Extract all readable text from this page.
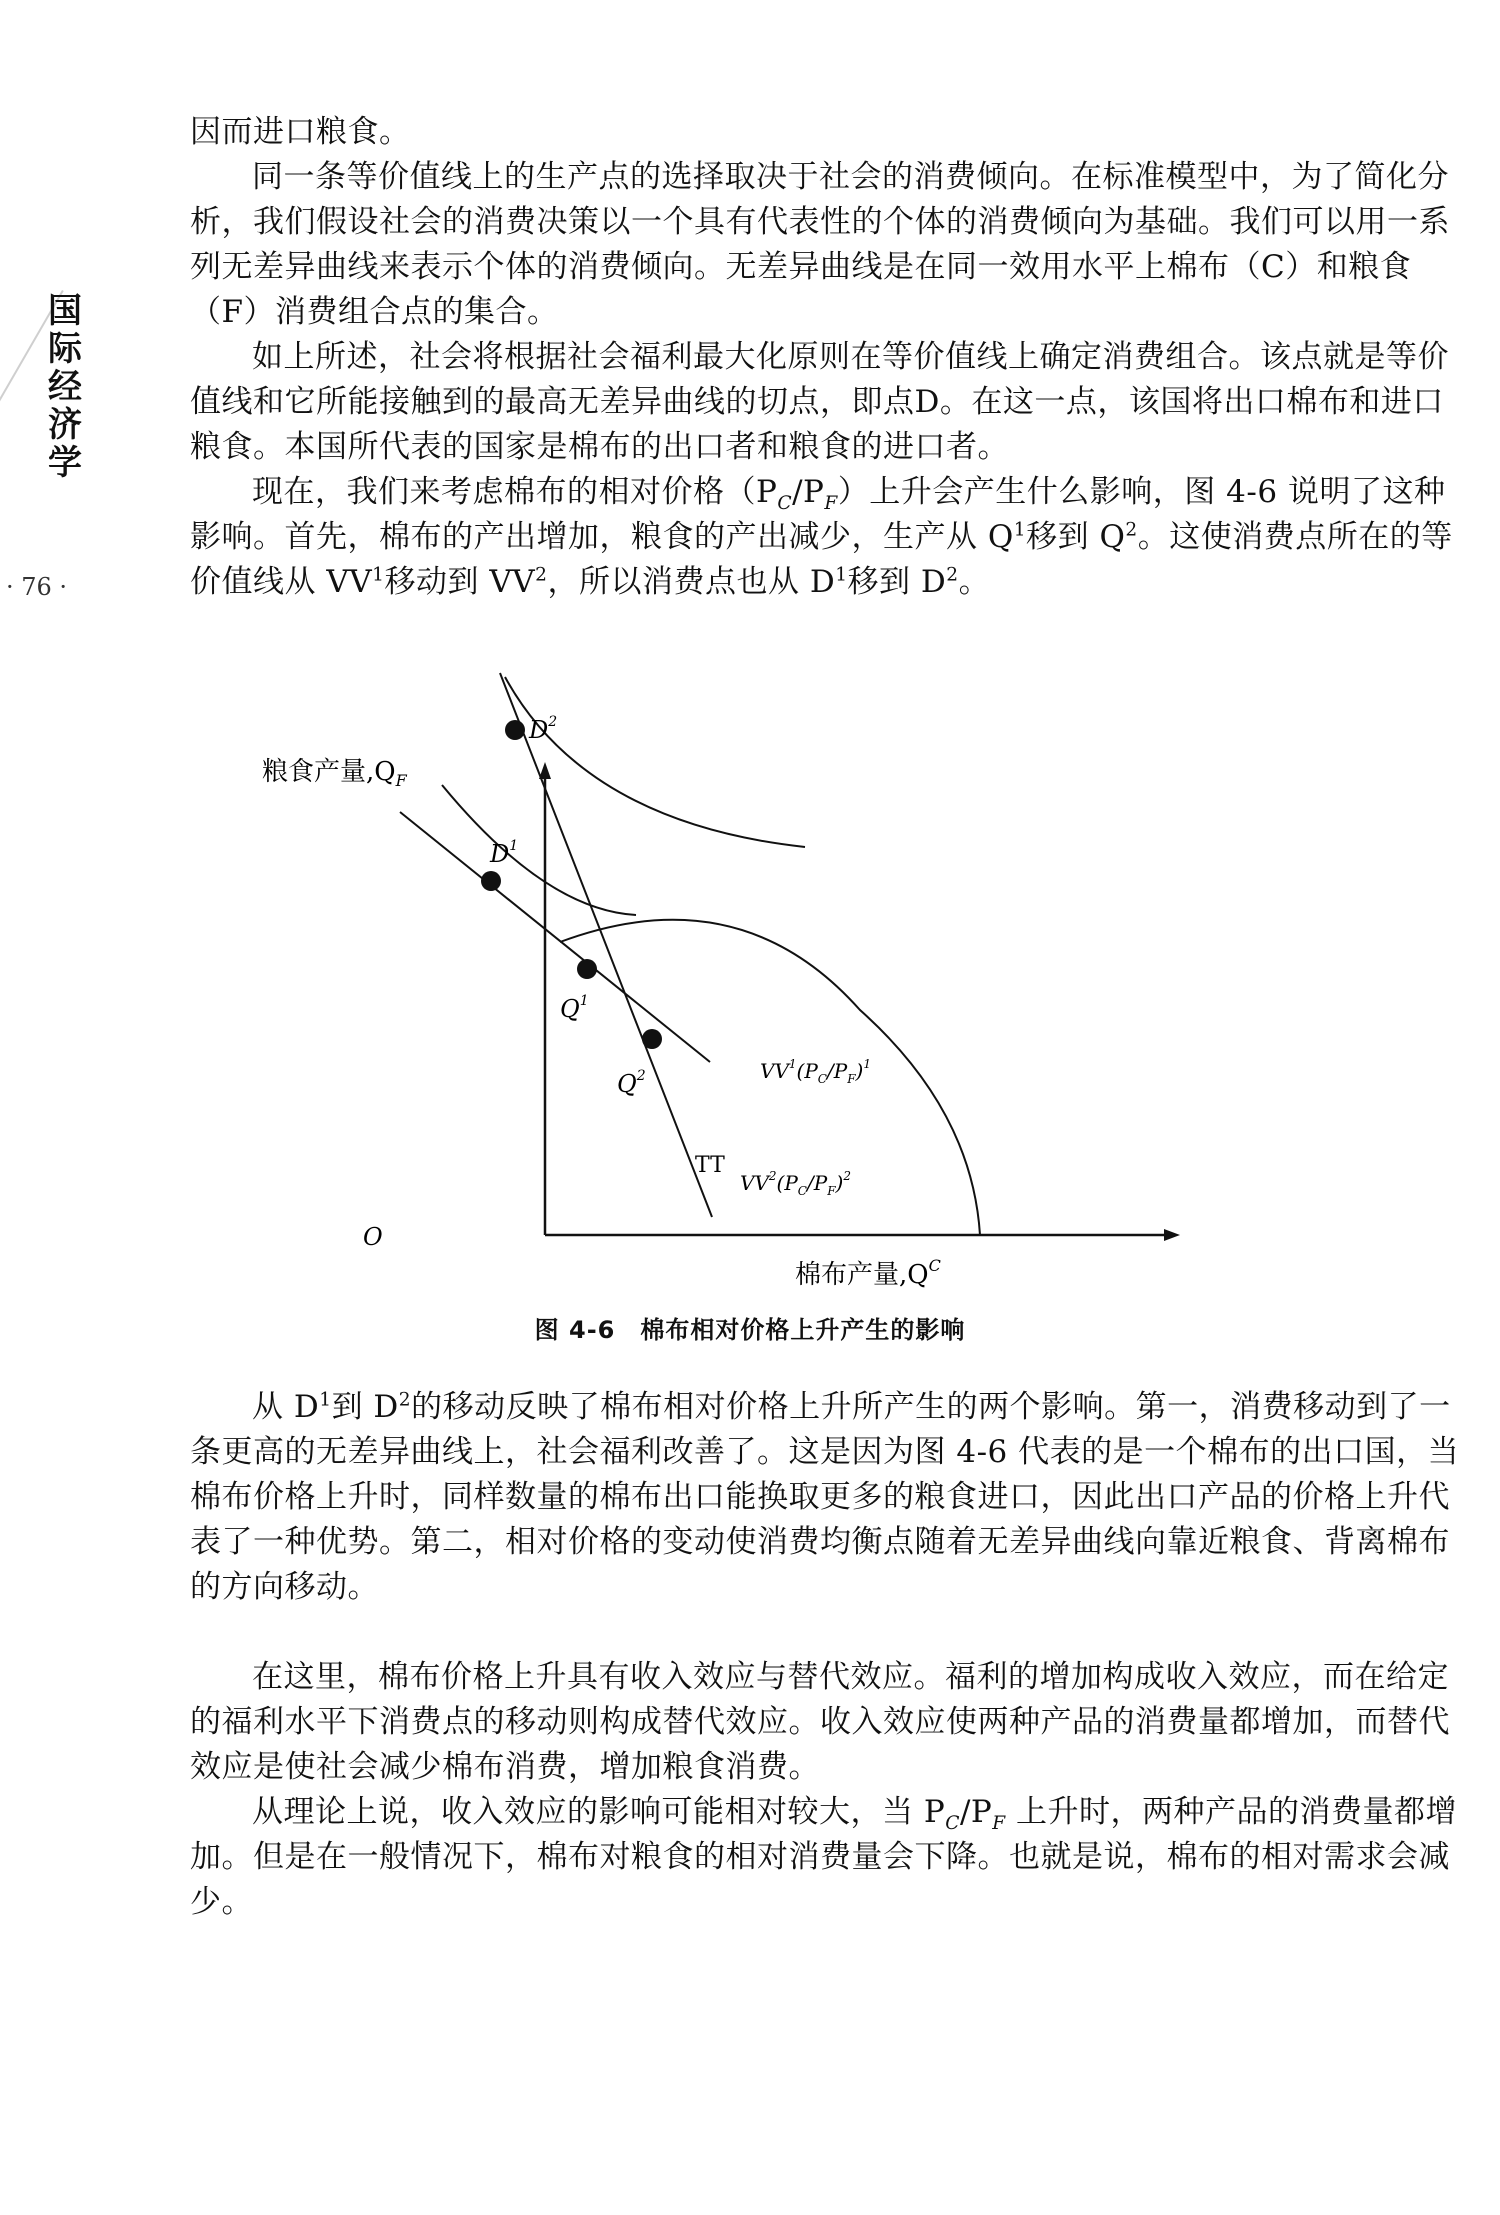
国际经济学
· 76 ·

因而进口粮食。

同一条等价值线上的生产点的选择取决于社会的消费倾向。在标准模型中，为了简化分析，我们假设社会的消费决策以一个具有代表性的个体的消费倾向为基础。我们可以用一系列无差异曲线来表示个体的消费倾向。无差异曲线是在同一效用水平上棉布（C）和粮食（F）消费组合点的集合。

如上所述，社会将根据社会福利最大化原则在等价值线上确定消费组合。该点就是等价值线和它所能接触到的最高无差异曲线的切点，即点D。在这一点，该国将出口棉布和进口粮食。本国所代表的国家是棉布的出口者和粮食的进口者。

现在，我们来考虑棉布的相对价格$(P_C/P_F)$上升会产生什么影响，图 4-6 说明了这种影响。首先，棉布的产出增加，粮食的产出减少，生产从 $Q^1$移到 $Q^2$。这使消费点所在的等价值线从 $VV^1$移动到 $VV^2$，所以消费点也从 $D^1$移到 $D^2$。

粮食产量$,Q_F$
O
棉布产量$,Q^C$
$D^2$
$D^1$
$Q^1$
$Q^2$
TT
$VV^1(P_C/P_F)^1$
$VV^2(P_C/P_F)^2$
图 4-6　棉布相对价格上升产生的影响

从 $D^1$到 $D^2$的移动反映了棉布相对价格上升所产生的两个影响。第一，消费移动到了一条更高的无差异曲线上，社会福利改善了。这是因为图 4-6 代表的是一个棉布的出口国，当棉布价格上升时，同样数量的棉布出口能换取更多的粮食进口，因此出口产品的价格上升代表了一种优势。第二，相对价格的变动使消费均衡点随着无差异曲线向靠近粮食、背离棉布的方向移动。

在这里，棉布价格上升具有收入效应与替代效应。福利的增加构成收入效应，而在给定的福利水平下消费点的移动则构成替代效应。收入效应使两种产品的消费量都增加，而替代效应是使社会减少棉布消费，增加粮食消费。

从理论上说，收入效应的影响可能相对较大，当 $P_C/P_F$ 上升时，两种产品的消费量都增加。但是在一般情况下，棉布对粮食的相对消费量会下降。也就是说，棉布的相对需求会减少。
